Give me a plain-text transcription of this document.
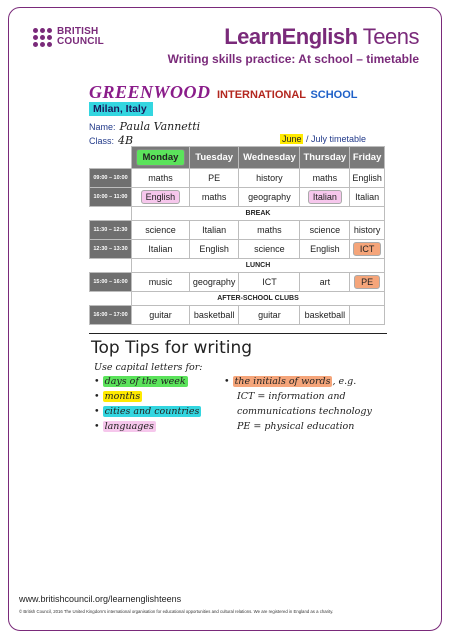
BRITISH
COUNCIL	LearnEnglish Teens
Writing skills practice: At school – timetable
GREENWOOD INTERNATIONAL SCHOOL
Milan, Italy
Name: Paula Vannetti
Class: 4B	June / July timetable
	Monday	Tuesday	Wednesday	Thursday	Friday
09:00 – 10:00	maths	PE	history	maths	English
10:00 – 11:00	English	maths	geography	Italian	Italian
	BREAK				
11:30 – 12:30	science	Italian	maths	science	history
12:30 – 13:30	Italian	English	science	English	ICT
	LUNCH				
15:00 – 16:00	music	geography	ICT	art	PE
	AFTER-SCHOOL CLUBS				
16:00 – 17:00	guitar	basketball	guitar	basketball	
Top Tips for writing
Use capital letters for:
• days of the week
• months
• cities and countries
• languages
• the initials of words , e.g.
ICT = information and
communications technology
PE = physical education
www.britishcouncil.org/learnenglishteens
© British Council, 2016 The United Kingdom's international organisation for educational opportunities and cultural relations. We are registered in England as a charity.
